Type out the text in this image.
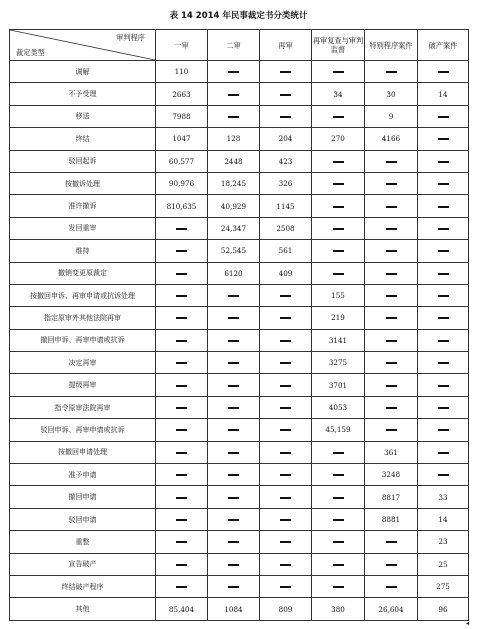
表 14 2014 年民事裁定书分类统计
审判程序
裁定类型	一审	二审	再审	再审复查与审判监督	特别程序案件	破产案件
调解	110					
不予受理	2663			34	30	14
移送	7988				9	
终结	1047	128	204	270	4166	
驳回起诉	60,577	2448	423			
按撤诉处理	90,976	18,245	326			
准许撤诉	810,635	40,929	1145			
发回重审		24,347	2508			
维持		52,545	561			
撤销变更原裁定		6120	409			
按撤回申诉、再审申请或抗诉处理				155		
指定原审外其他法院再审				219		
撤回申诉、再审申请或抗诉				3141		
决定再审				3275		
提级再审				3701		
指令原审法院再审				4053		
驳回申诉、再审申请或抗诉				45,159		
按撤回申请处理					361	
准予申请					3248	
撤回申请					8817	33
驳回申请					8881	14
重整						23
宣告破产						25
终结破产程序						275
其他	85,404	1084	809	380	26,604	96
◂
